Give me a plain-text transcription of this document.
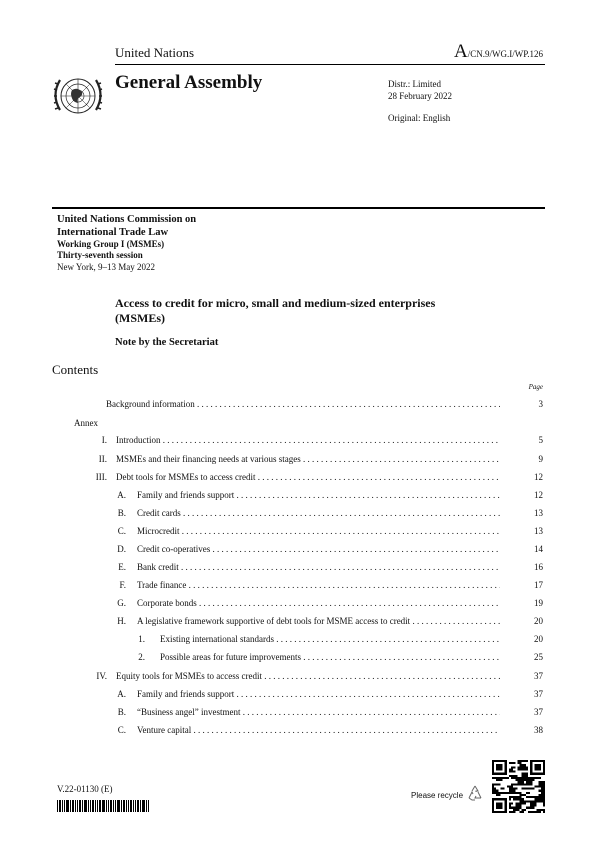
United Nations	A/CN.9/WG.I/WP.126
General Assembly	Distr.: Limited
28 February 2022
Original: English
United Nations Commission on
International Trade Law
Working Group I (MSMEs)
Thirty-seventh session
New York, 9–13 May 2022
Access to credit for micro, small and medium-sized enterprises (MSMEs)
Note by the Secretariat
Contents
Page
Background information . . .	3
Annex
I. Introduction . . .	5
II. MSMEs and their financing needs at various stages . . .	9
III. Debt tools for MSMEs to access credit . . .	12
A. Family and friends support . . .	12
B. Credit cards . . .	13
C. Microcredit . . .	13
D. Credit co-operatives . . .	14
E. Bank credit . . .	16
F. Trade finance . . .	17
G. Corporate bonds . . .	19
H. A legislative framework supportive of debt tools for MSME access to credit . . .	20
1. Existing international standards . . .	20
2. Possible areas for future improvements . . .	25
IV. Equity tools for MSMEs to access credit . . .	37
A. Family and friends support . . .	37
B. “Business angel” investment . . .	37
C. Venture capital . . .	38
V.22-01130 (E)
Please recycle
